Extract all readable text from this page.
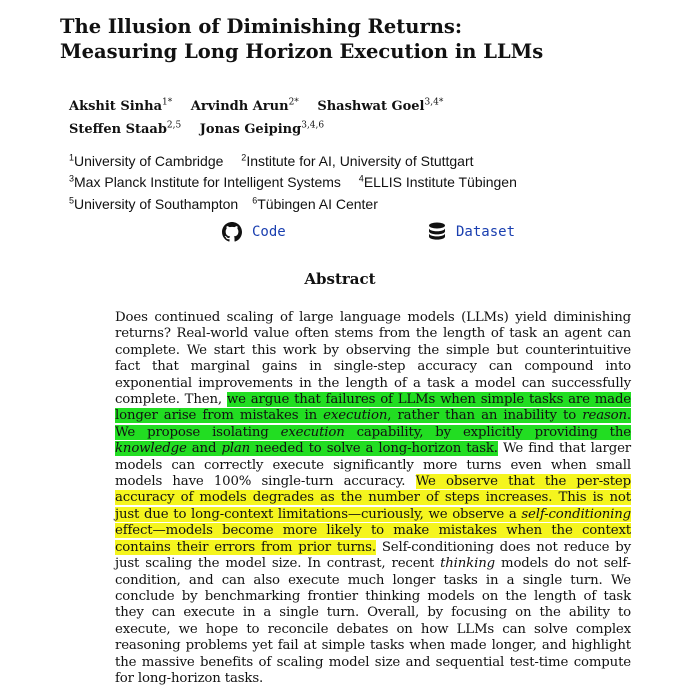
The Illusion of Diminishing Returns:
Measuring Long Horizon Execution in LLMs
Akshit Sinha$^{1*}$ Arvindh Arun$^{2*}$ Shashwat Goel$^{3,4*}$
Steffen Staab$^{2,5}$ Jonas Geiping$^{3,4,6}$
$^1$University of Cambridge $^2$Institute for AI, University of Stuttgart
$^3$Max Planck Institute for Intelligent Systems $^4$ELLIS Institute Tübingen
$^5$University of Southampton $^6$Tübingen AI Center
Code	Dataset
Abstract

Does continued scaling of large language models (LLMs) yield diminishing returns? Real-world value often stems from the length of task an agent can complete. We start this work by observing the simple but counterintuitive fact that marginal gains in single-step accuracy can compound into exponential improvements in the length of a task a model can successfully complete. Then, we argue that failures of LLMs when simple tasks are made longer arise from mistakes in execution, rather than an inability to reason. We propose isolating execution capability, by explicitly providing the knowledge and plan needed to solve a long-horizon task. We find that larger models can correctly execute significantly more turns even when small models have 100% single-turn accuracy. We observe that the per-step accuracy of models degrades as the number of steps increases. This is not just due to long-context limitations—curiously, we observe a self-conditioning effect—models become more likely to make mistakes when the context contains their errors from prior turns. Self-conditioning does not reduce by just scaling the model size. In contrast, recent thinking models do not self-condition, and can also execute much longer tasks in a single turn. We conclude by benchmarking frontier thinking models on the length of task they can execute in a single turn. Overall, by focusing on the ability to execute, we hope to reconcile debates on how LLMs can solve complex reasoning problems yet fail at simple tasks when made longer, and highlight the massive benefits of scaling model size and sequential test-time compute for long-horizon tasks.
